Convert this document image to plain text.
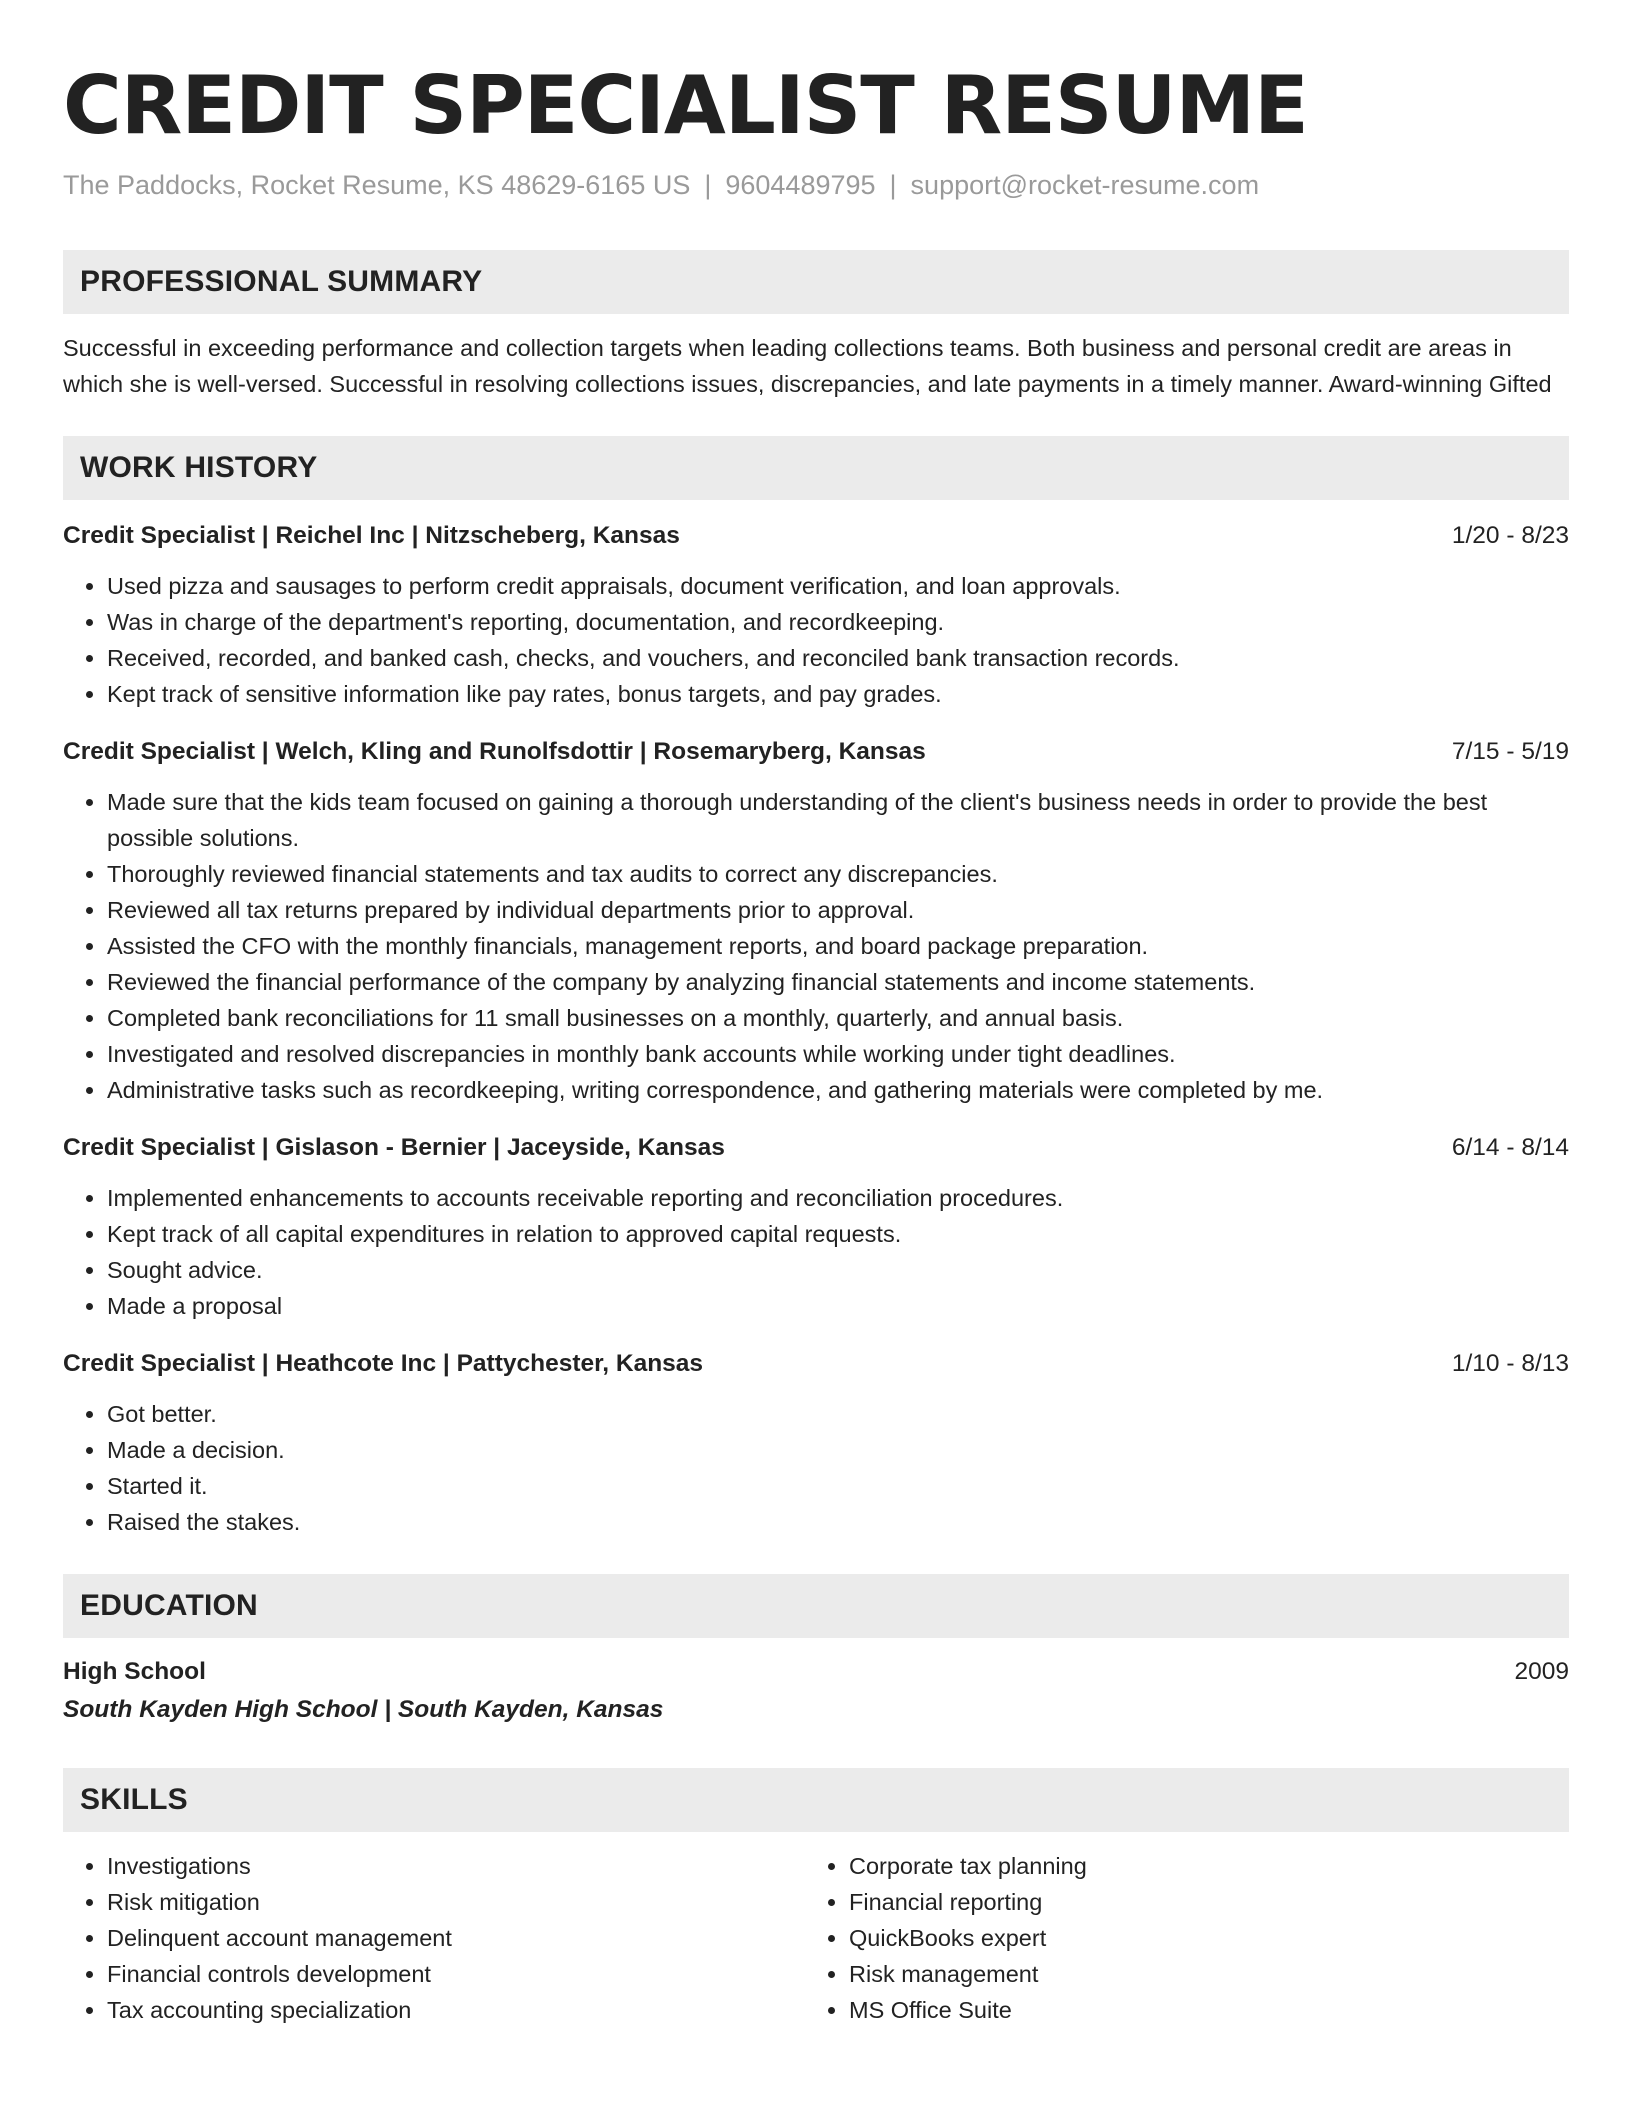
CREDIT SPECIALIST RESUME
The Paddocks, Rocket Resume, KS 48629-6165 US | 9604489795 | support@rocket-resume.com
PROFESSIONAL SUMMARY
Successful in exceeding performance and collection targets when leading collections teams. Both business and personal credit are areas in which she is well-versed. Successful in resolving collections issues, discrepancies, and late payments in a timely manner. Award-winning Gifted
WORK HISTORY
Credit Specialist | Reichel Inc | Nitzscheberg, Kansas	1/20 - 8/23
• Used pizza and sausages to perform credit appraisals, document verification, and loan approvals.
• Was in charge of the department's reporting, documentation, and recordkeeping.
• Received, recorded, and banked cash, checks, and vouchers, and reconciled bank transaction records.
• Kept track of sensitive information like pay rates, bonus targets, and pay grades.
Credit Specialist | Welch, Kling and Runolfsdottir | Rosemaryberg, Kansas	7/15 - 5/19
• Made sure that the kids team focused on gaining a thorough understanding of the client's business needs in order to provide the best possible solutions.
• Thoroughly reviewed financial statements and tax audits to correct any discrepancies.
• Reviewed all tax returns prepared by individual departments prior to approval.
• Assisted the CFO with the monthly financials, management reports, and board package preparation.
• Reviewed the financial performance of the company by analyzing financial statements and income statements.
• Completed bank reconciliations for 11 small businesses on a monthly, quarterly, and annual basis.
• Investigated and resolved discrepancies in monthly bank accounts while working under tight deadlines.
• Administrative tasks such as recordkeeping, writing correspondence, and gathering materials were completed by me.
Credit Specialist | Gislason - Bernier | Jaceyside, Kansas	6/14 - 8/14
• Implemented enhancements to accounts receivable reporting and reconciliation procedures.
• Kept track of all capital expenditures in relation to approved capital requests.
• Sought advice.
• Made a proposal
Credit Specialist | Heathcote Inc | Pattychester, Kansas	1/10 - 8/13
• Got better.
• Made a decision.
• Started it.
• Raised the stakes.
EDUCATION
High School	2009
South Kayden High School | South Kayden, Kansas
SKILLS
• Investigations
• Risk mitigation
• Delinquent account management
• Financial controls development
• Tax accounting specialization
• Corporate tax planning
• Financial reporting
• QuickBooks expert
• Risk management
• MS Office Suite
